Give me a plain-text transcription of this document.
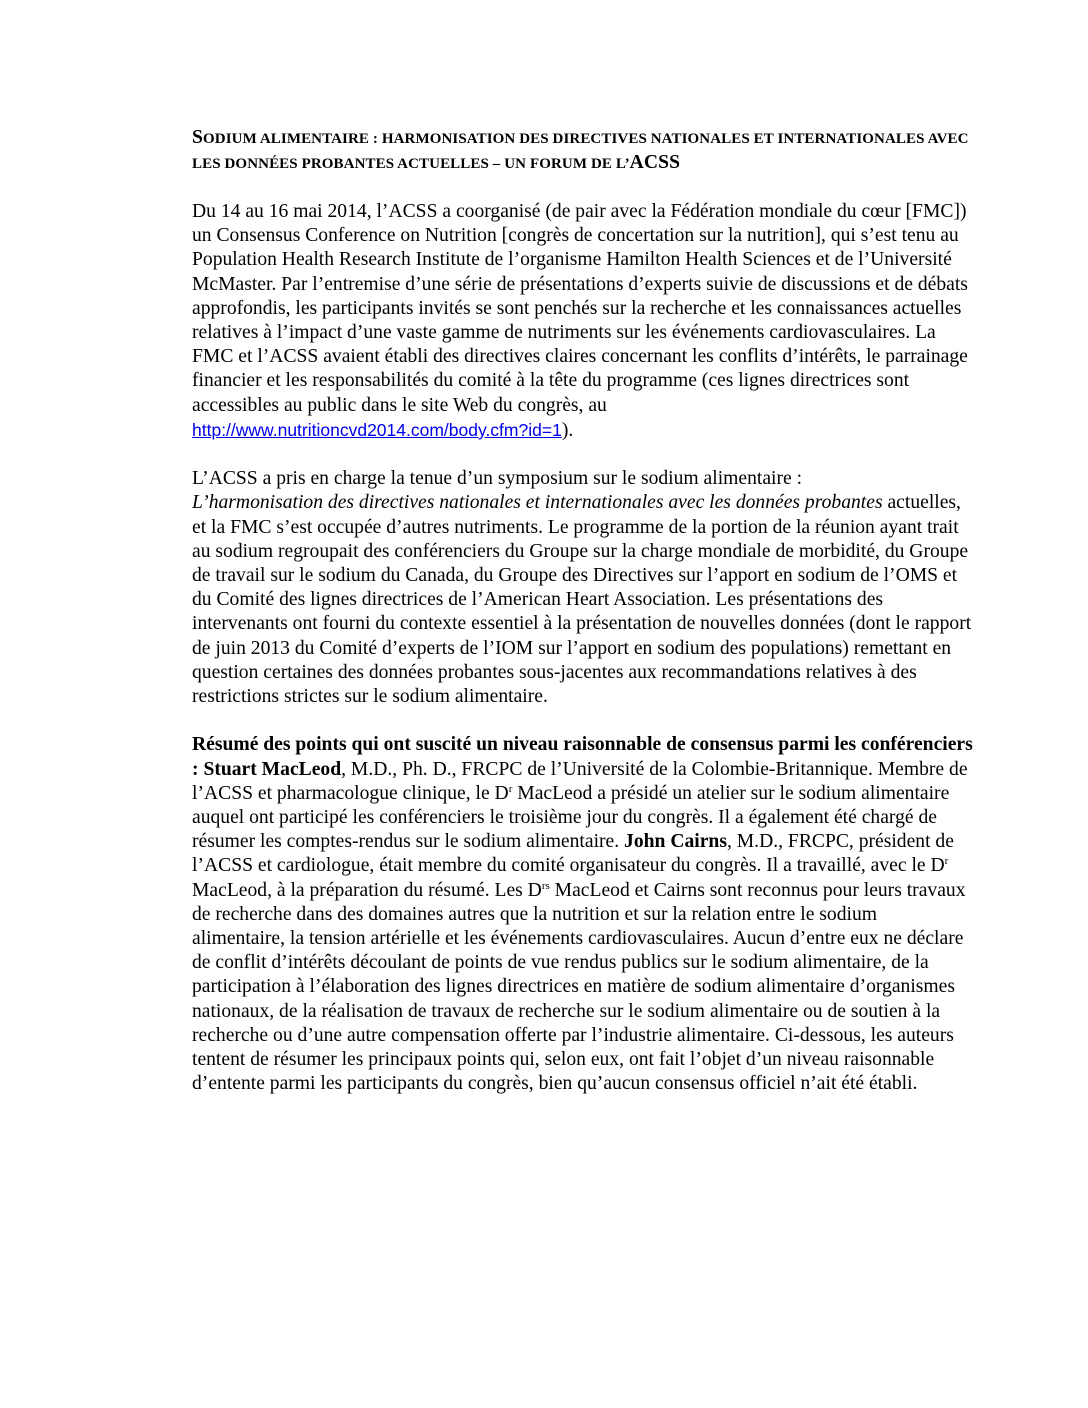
SODIUM ALIMENTAIRE : HARMONISATION DES DIRECTIVES NATIONALES ET INTERNATIONALES AVEC LES DONNÉES PROBANTES ACTUELLES – UN FORUM DE L’ACSS

Du 14 au 16 mai 2014, l’ACSS a coorganisé (de pair avec la Fédération mondiale du cœur [FMC]) un Consensus Conference on Nutrition [congrès de concertation sur la nutrition], qui s’est tenu au Population Health Research Institute de l’organisme Hamilton Health Sciences et de l’Université McMaster. Par l’entremise d’une série de présentations d’experts suivie de discussions et de débats approfondis, les participants invités se sont penchés sur la recherche et les connaissances actuelles relatives à l’impact d’une vaste gamme de nutriments sur les événements cardiovasculaires. La FMC et l’ACSS avaient établi des directives claires concernant les conflits d’intérêts, le parrainage financier et les responsabilités du comité à la tête du programme (ces lignes directrices sont accessibles au public dans le site Web du congrès, au
http://www.nutritioncvd2014.com/body.cfm?id=1).

L’ACSS a pris en charge la tenue d’un symposium sur le sodium alimentaire :
L’harmonisation des directives nationales et internationales avec les données probantes actuelles, et la FMC s’est occupée d’autres nutriments. Le programme de la portion de la réunion ayant trait au sodium regroupait des conférenciers du Groupe sur la charge mondiale de morbidité, du Groupe de travail sur le sodium du Canada, du Groupe des Directives sur l’apport en sodium de l’OMS et du Comité des lignes directrices de l’American Heart Association. Les présentations des intervenants ont fourni du contexte essentiel à la présentation de nouvelles données (dont le rapport de juin 2013 du Comité d’experts de l’IOM sur l’apport en sodium des populations) remettant en question certaines des données probantes sous-jacentes aux recommandations relatives à des restrictions strictes sur le sodium alimentaire.

Résumé des points qui ont suscité un niveau raisonnable de consensus parmi les conférenciers : Stuart MacLeod, M.D., Ph. D., FRCPC de l’Université de la Colombie-Britannique. Membre de l’ACSS et pharmacologue clinique, le $D^r$ MacLeod a présidé un atelier sur le sodium alimentaire auquel ont participé les conférenciers le troisième jour du congrès. Il a également été chargé de résumer les comptes-rendus sur le sodium alimentaire. John Cairns, M.D., FRCPC, président de l’ACSS et cardiologue, était membre du comité organisateur du congrès. Il a travaillé, avec le $D^r$ MacLeod, à la préparation du résumé. Les $D^{rs}$ MacLeod et Cairns sont reconnus pour leurs travaux de recherche dans des domaines autres que la nutrition et sur la relation entre le sodium alimentaire, la tension artérielle et les événements cardiovasculaires. Aucun d’entre eux ne déclare de conflit d’intérêts découlant de points de vue rendus publics sur le sodium alimentaire, de la participation à l’élaboration des lignes directrices en matière de sodium alimentaire d’organismes nationaux, de la réalisation de travaux de recherche sur le sodium alimentaire ou de soutien à la recherche ou d’une autre compensation offerte par l’industrie alimentaire. Ci-dessous, les auteurs tentent de résumer les principaux points qui, selon eux, ont fait l’objet d’un niveau raisonnable d’entente parmi les participants du congrès, bien qu’aucun consensus officiel n’ait été établi.
